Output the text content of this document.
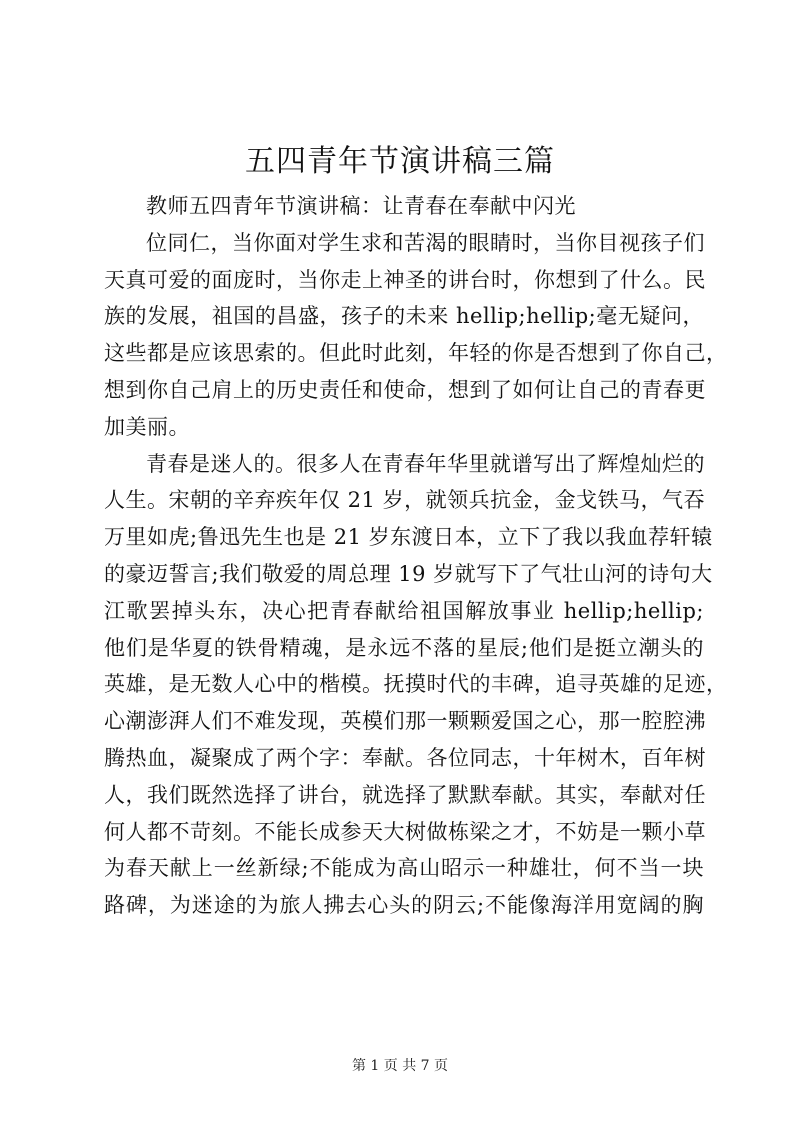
五四青年节演讲稿三篇
教师五四青年节演讲稿：让青春在奉献中闪光
位同仁，当你面对学生求和苦渴的眼睛时，当你目视孩子们
天真可爱的面庞时，当你走上神圣的讲台时，你想到了什么。民
族的发展，祖国的昌盛，孩子的未来 hellip;hellip;毫无疑问，
这些都是应该思索的。但此时此刻，年轻的你是否想到了你自己，
想到你自己肩上的历史责任和使命，想到了如何让自己的青春更
加美丽。
青春是迷人的。很多人在青春年华里就谱写出了辉煌灿烂的
人生。宋朝的辛弃疾年仅 21 岁，就领兵抗金，金戈铁马，气吞
万里如虎;鲁迅先生也是 21 岁东渡日本，立下了我以我血荐轩辕
的豪迈誓言;我们敬爱的周总理 19 岁就写下了气壮山河的诗句大
江歌罢掉头东，决心把青春献给祖国解放事业 hellip;hellip;
他们是华夏的铁骨精魂，是永远不落的星辰;他们是挺立潮头的
英雄，是无数人心中的楷模。抚摸时代的丰碑，追寻英雄的足迹，
心潮澎湃人们不难发现，英模们那一颗颗爱国之心，那一腔腔沸
腾热血，凝聚成了两个字：奉献。各位同志，十年树木，百年树
人，我们既然选择了讲台，就选择了默默奉献。其实，奉献对任
何人都不苛刻。不能长成参天大树做栋梁之才，不妨是一颗小草
为春天献上一丝新绿;不能成为高山昭示一种雄壮，何不当一块
路碑，为迷途的为旅人拂去心头的阴云;不能像海洋用宽阔的胸
第 1 页 共 7 页
